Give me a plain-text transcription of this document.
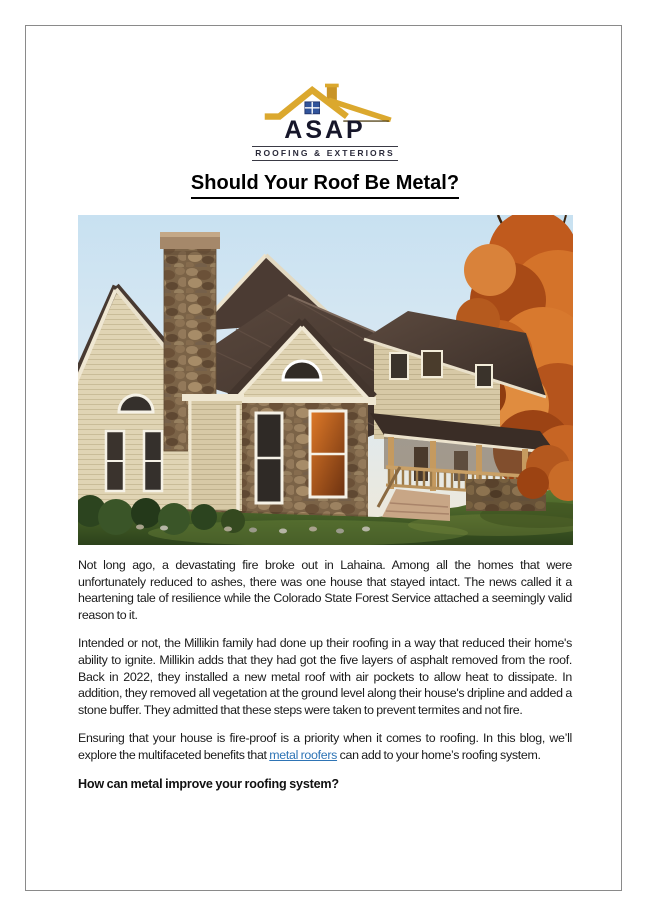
ASAP
ROOFING & EXTERIORS
Should Your Roof Be Metal?

Not long ago, a devastating fire broke out in Lahaina. Among all the homes that were unfortunately reduced to ashes, there was one house that stayed intact. The news called it a heartening tale of resilience while the Colorado State Forest Service attached a seemingly valid reason to it.

Intended or not, the Millikin family had done up their roofing in a way that reduced their home's ability to ignite. Millikin adds that they had got the five layers of asphalt removed from the roof. Back in 2022, they installed a new metal roof with air pockets to allow heat to dissipate. In addition, they removed all vegetation at the ground level along their house's dripline and added a stone buffer. They admitted that these steps were taken to prevent termites and not fire.

Ensuring that your house is fire-proof is a priority when it comes to roofing. In this blog, we’ll explore the multifaceted benefits that metal roofers can add to your home’s roofing system.

How can metal improve your roofing system?
